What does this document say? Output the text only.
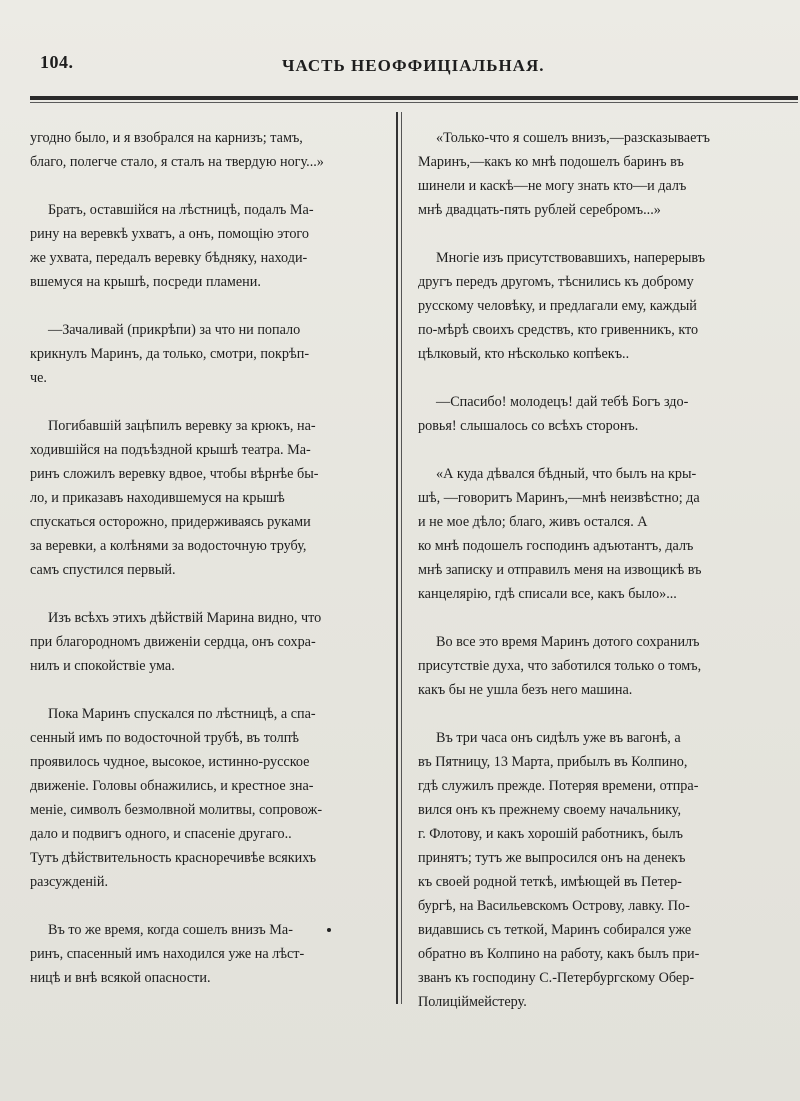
104.	ЧАСТЬ НЕОФФИЦІАЛЬНАЯ.
угодно было, и я взобрался на карнизъ; тамъ,
благо, полегче стало, я сталъ на твердую ногу...»
Братъ, оставшійся на лѣстницѣ, подалъ Ма-
рину на веревкѣ ухватъ, а онъ, помощію этого
же ухвата, передалъ веревку бѣдняку, находи-
вшемуся на крышѣ, посреди пламени.
—Зачаливай (прикрѣпи) за что ни попало
крикнулъ Маринъ, да только, смотри, покрѣп-
че.
Погибавшій зацѣпилъ веревку за крюкъ, на-
ходившійся на подъѣздной крышѣ театра. Ма-
ринъ сложилъ веревку вдвое, чтобы вѣрнѣе бы-
ло, и приказавъ находившемуся на крышѣ
спускаться осторожно, придерживаясь руками
за веревки, а колѣнями за водосточную трубу,
самъ спустился первый.
Изъ всѣхъ этихъ дѣйствій Марина видно, что
при благородномъ движеніи сердца, онъ сохра-
нилъ и спокойствіе ума.
Пока Маринъ спускался по лѣстницѣ, а спа-
сенный имъ по водосточной трубѣ, въ толпѣ
проявилось чудное, высокое, истинно-русское
движеніе. Головы обнажились, и крестное зна-
меніе, символъ безмолвной молитвы, сопровож-
дало и подвигъ одного, и спасеніе другаго..
Тутъ дѣйствительность красноречивѣе всякихъ
разсужденій.
Въ то же время, когда сошелъ внизъ Ма-
ринъ, спасенный имъ находился уже на лѣст-
ницѣ и внѣ всякой опасности.
«Только-что я сошелъ внизъ,—разсказываетъ
Маринъ,—какъ ко мнѣ подошелъ баринъ въ
шинели и каскѣ—не могу знать кто—и далъ
мнѣ двадцать-пять рублей серебромъ...»
Многіе изъ присутствовавшихъ, наперерывъ
другъ передъ другомъ, тѣснились къ доброму
русскому человѣку, и предлагали ему, каждый
по-мѣрѣ своихъ средствъ, кто гривенникъ, кто
цѣлковый, кто нѣсколько копѣекъ..
—Спасибо! молодецъ! дай тебѣ Богъ здо-
ровья! слышалось со всѣхъ сторонъ.
«А куда дѣвался бѣдный, что былъ на кры-
шѣ, —говоритъ Маринъ,—мнѣ неизвѣстно; да
и не мое дѣло; благо, живъ остался. А
ко мнѣ подошелъ господинъ адъютантъ, далъ
мнѣ записку и отправилъ меня на извощикѣ въ
канцелярію, гдѣ списали все, какъ было»...
Во все это время Маринъ дотого сохранилъ
присутствіе духа, что заботился только о томъ,
какъ бы не ушла безъ него машина.
Въ три часа онъ сидѣлъ уже въ вагонѣ, а
въ Пятницу, 13 Марта, прибылъ въ Колпино,
гдѣ служилъ прежде. Потеряя времени, отпра-
вился онъ къ прежнему своему начальнику,
г. Флотову, и какъ хорошій работникъ, былъ
принятъ; тутъ же выпросился онъ на денекъ
къ своей родной теткѣ, имѣющей въ Петер-
бургѣ, на Васильевскомъ Острову, лавку. По-
видавшись съ теткой, Маринъ собирался уже
обратно въ Колпино на работу, какъ былъ при-
званъ къ господину С.-Петербургскому Обер-
Полицiймейстеру.
